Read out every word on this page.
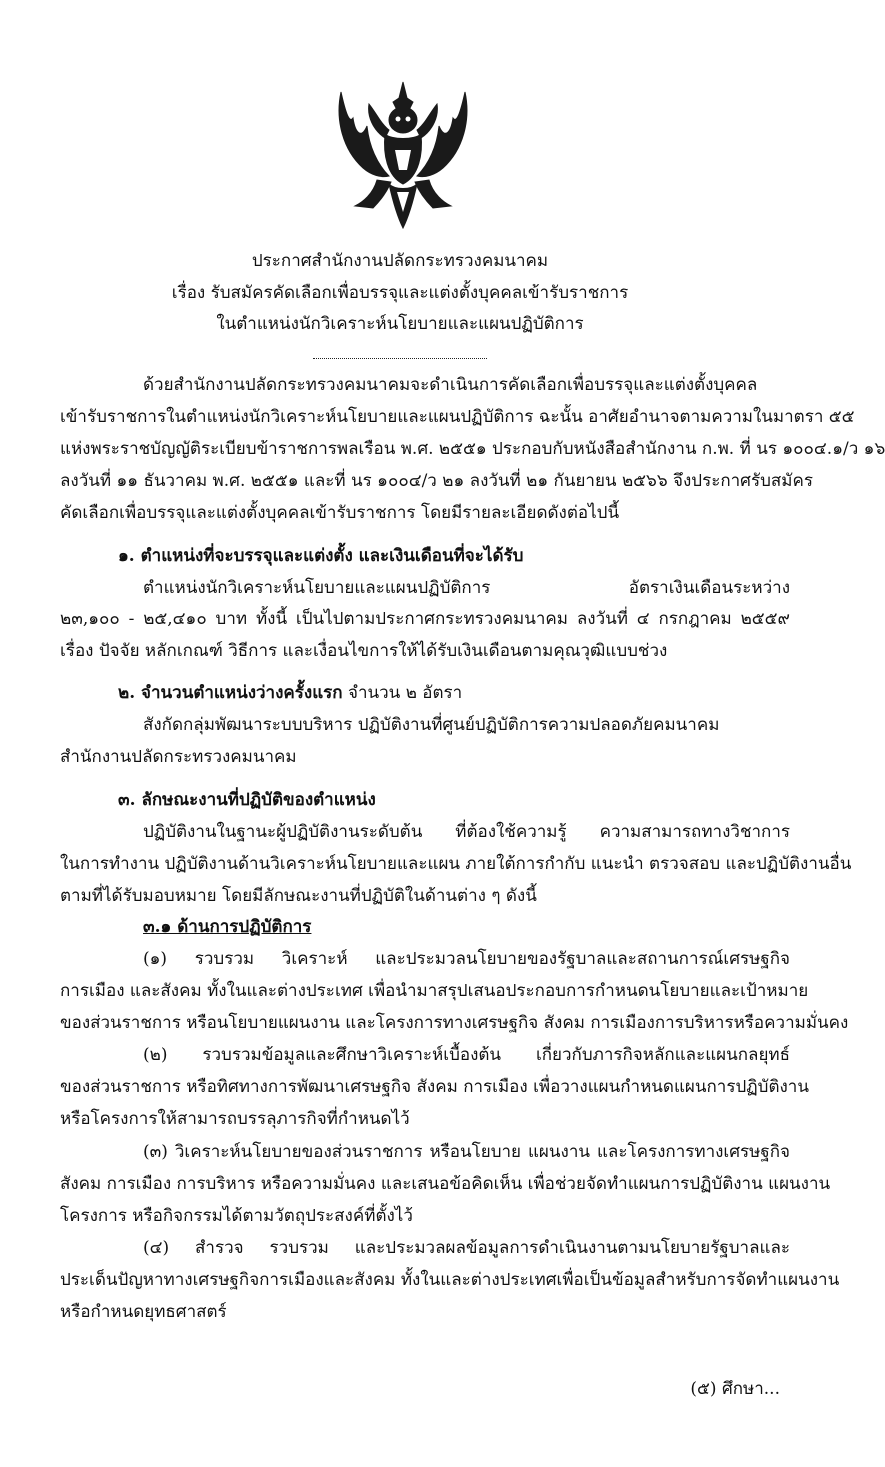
ประกาศสำนักงานปลัดกระทรวงคมนาคม
เรื่อง รับสมัครคัดเลือกเพื่อบรรจุและแต่งตั้งบุคคลเข้ารับราชการ
ในตำแหน่งนักวิเคราะห์นโยบายและแผนปฏิบัติการ
ด้วยสำนักงานปลัดกระทรวงคมนาคมจะดำเนินการคัดเลือกเพื่อบรรจุและแต่งตั้งบุคคล
เข้ารับราชการในตำแหน่งนักวิเคราะห์นโยบายและแผนปฏิบัติการ ฉะนั้น อาศัยอำนาจตามความในมาตรา ๕๕
แห่งพระราชบัญญัติระเบียบข้าราชการพลเรือน พ.ศ. ๒๕๕๑ ประกอบกับหนังสือสำนักงาน ก.พ. ที่ นร ๑๐๐๔.๑/ว ๑๖
ลงวันที่ ๑๑ ธันวาคม พ.ศ. ๒๕๕๑ และที่ นร ๑๐๐๔/ว ๒๑ ลงวันที่ ๒๑ กันยายน ๒๕๖๖ จึงประกาศรับสมัคร
คัดเลือกเพื่อบรรจุและแต่งตั้งบุคคลเข้ารับราชการ โดยมีรายละเอียดดังต่อไปนี้
๑. ตำแหน่งที่จะบรรจุและแต่งตั้ง และเงินเดือนที่จะได้รับ
ตำแหน่งนักวิเคราะห์นโยบายและแผนปฏิบัติการ อัตราเงินเดือนระหว่าง
๒๓,๑๐๐ - ๒๕,๔๑๐ บาท ทั้งนี้ เป็นไปตามประกาศกระทรวงคมนาคม ลงวันที่ ๔ กรกฎาคม ๒๕๕๙
เรื่อง ปัจจัย หลักเกณฑ์ วิธีการ และเงื่อนไขการให้ได้รับเงินเดือนตามคุณวุฒิแบบช่วง
๒. จำนวนตำแหน่งว่างครั้งแรก จำนวน ๒ อัตรา
สังกัดกลุ่มพัฒนาระบบบริหาร ปฏิบัติงานที่ศูนย์ปฏิบัติการความปลอดภัยคมนาคม
สำนักงานปลัดกระทรวงคมนาคม
๓. ลักษณะงานที่ปฏิบัติของตำแหน่ง
ปฏิบัติงานในฐานะผู้ปฏิบัติงานระดับต้น ที่ต้องใช้ความรู้ ความสามารถทางวิชาการ
ในการทำงาน ปฏิบัติงานด้านวิเคราะห์นโยบายและแผน ภายใต้การกำกับ แนะนำ ตรวจสอบ และปฏิบัติงานอื่น
ตามที่ได้รับมอบหมาย โดยมีลักษณะงานที่ปฏิบัติในด้านต่าง ๆ ดังนี้
๓.๑ ด้านการปฏิบัติการ
(๑) รวบรวม วิเคราะห์ และประมวลนโยบายของรัฐบาลและสถานการณ์เศรษฐกิจ
การเมือง และสังคม ทั้งในและต่างประเทศ เพื่อนำมาสรุปเสนอประกอบการกำหนดนโยบายและเป้าหมาย
ของส่วนราชการ หรือนโยบายแผนงาน และโครงการทางเศรษฐกิจ สังคม การเมืองการบริหารหรือความมั่นคง
(๒) รวบรวมข้อมูลและศึกษาวิเคราะห์เบื้องต้น เกี่ยวกับภารกิจหลักและแผนกลยุทธ์
ของส่วนราชการ หรือทิศทางการพัฒนาเศรษฐกิจ สังคม การเมือง เพื่อวางแผนกำหนดแผนการปฏิบัติงาน
หรือโครงการให้สามารถบรรลุภารกิจที่กำหนดไว้
(๓) วิเคราะห์นโยบายของส่วนราชการ หรือนโยบาย แผนงาน และโครงการทางเศรษฐกิจ
สังคม การเมือง การบริหาร หรือความมั่นคง และเสนอข้อคิดเห็น เพื่อช่วยจัดทำแผนการปฏิบัติงาน แผนงาน
โครงการ หรือกิจกรรมได้ตามวัตถุประสงค์ที่ตั้งไว้
(๔) สำรวจ รวบรวม และประมวลผลข้อมูลการดำเนินงานตามนโยบายรัฐบาลและ
ประเด็นปัญหาทางเศรษฐกิจการเมืองและสังคม ทั้งในและต่างประเทศเพื่อเป็นข้อมูลสำหรับการจัดทำแผนงาน
หรือกำหนดยุทธศาสตร์
(๕) ศึกษา...
